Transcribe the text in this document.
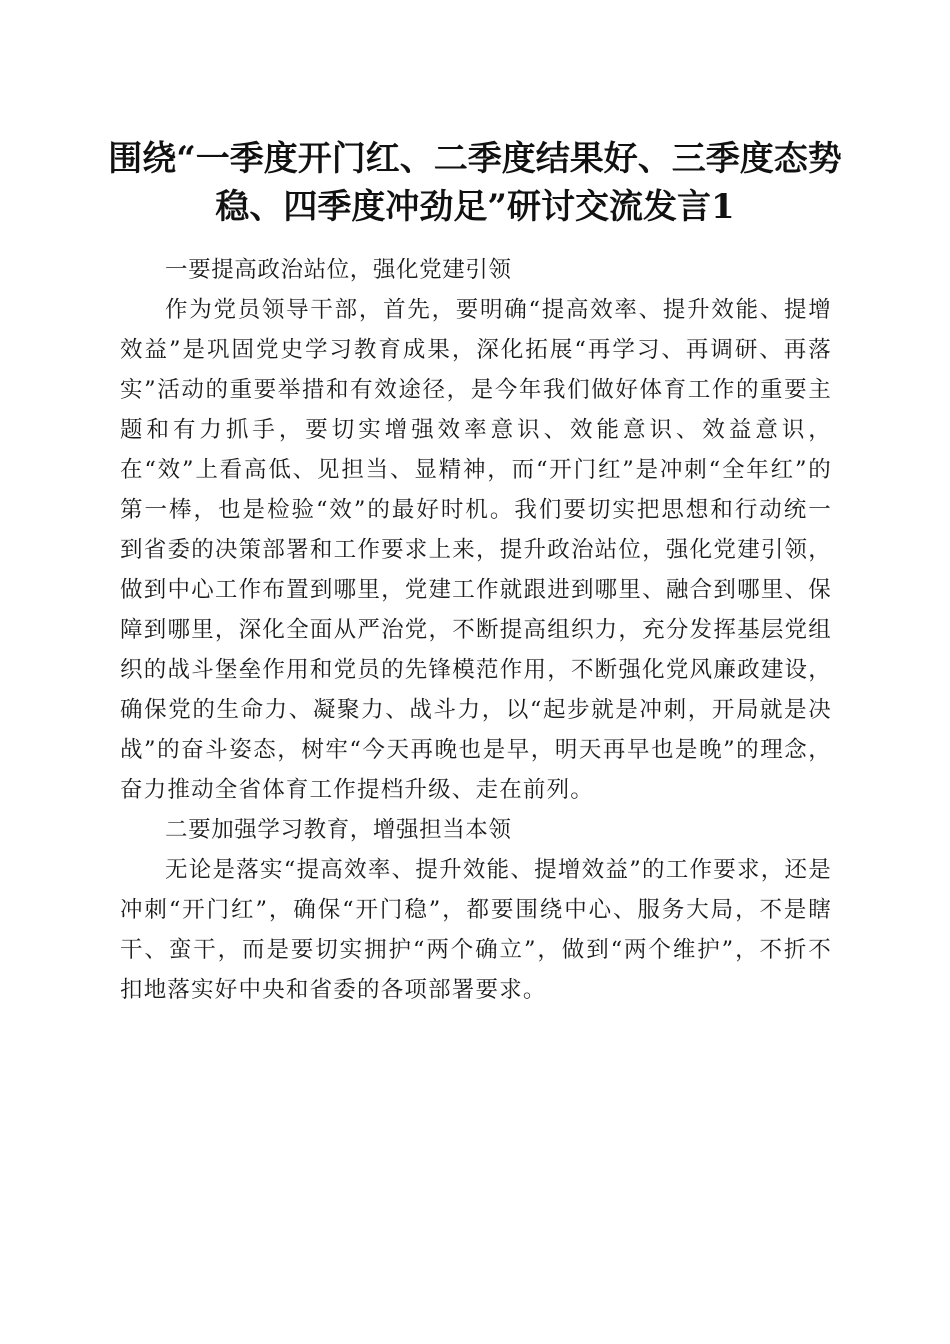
围绕“一季度开门红、二季度结果好、三季度态势稳、四季度冲劲足”研讨交流发言1

一要提高政治站位，强化党建引领

作为党员领导干部，首先，要明确“提高效率、提升效能、提增效益”是巩固党史学习教育成果，深化拓展“再学习、再调研、再落实”活动的重要举措和有效途径，是今年我们做好体育工作的重要主题和有力抓手，要切实增强效率意识、效能意识、效益意识，在“效”上看高低、见担当、显精神，而“开门红”是冲刺“全年红”的第一棒，也是检验“效”的最好时机。我们要切实把思想和行动统一到省委的决策部署和工作要求上来，提升政治站位，强化党建引领，做到中心工作布置到哪里，党建工作就跟进到哪里、融合到哪里、保障到哪里，深化全面从严治党，不断提高组织力，充分发挥基层党组织的战斗堡垒作用和党员的先锋模范作用，不断强化党风廉政建设，确保党的生命力、凝聚力、战斗力，以“起步就是冲刺，开局就是决战”的奋斗姿态，树牢“今天再晚也是早，明天再早也是晚”的理念，奋力推动全省体育工作提档升级、走在前列。

二要加强学习教育，增强担当本领

无论是落实“提高效率、提升效能、提增效益”的工作要求，还是冲刺“开门红”，确保“开门稳”，都要围绕中心、服务大局，不是瞎干、蛮干，而是要切实拥护“两个确立”，做到“两个维护”，不折不扣地落实好中央和省委的各项部署要求。
